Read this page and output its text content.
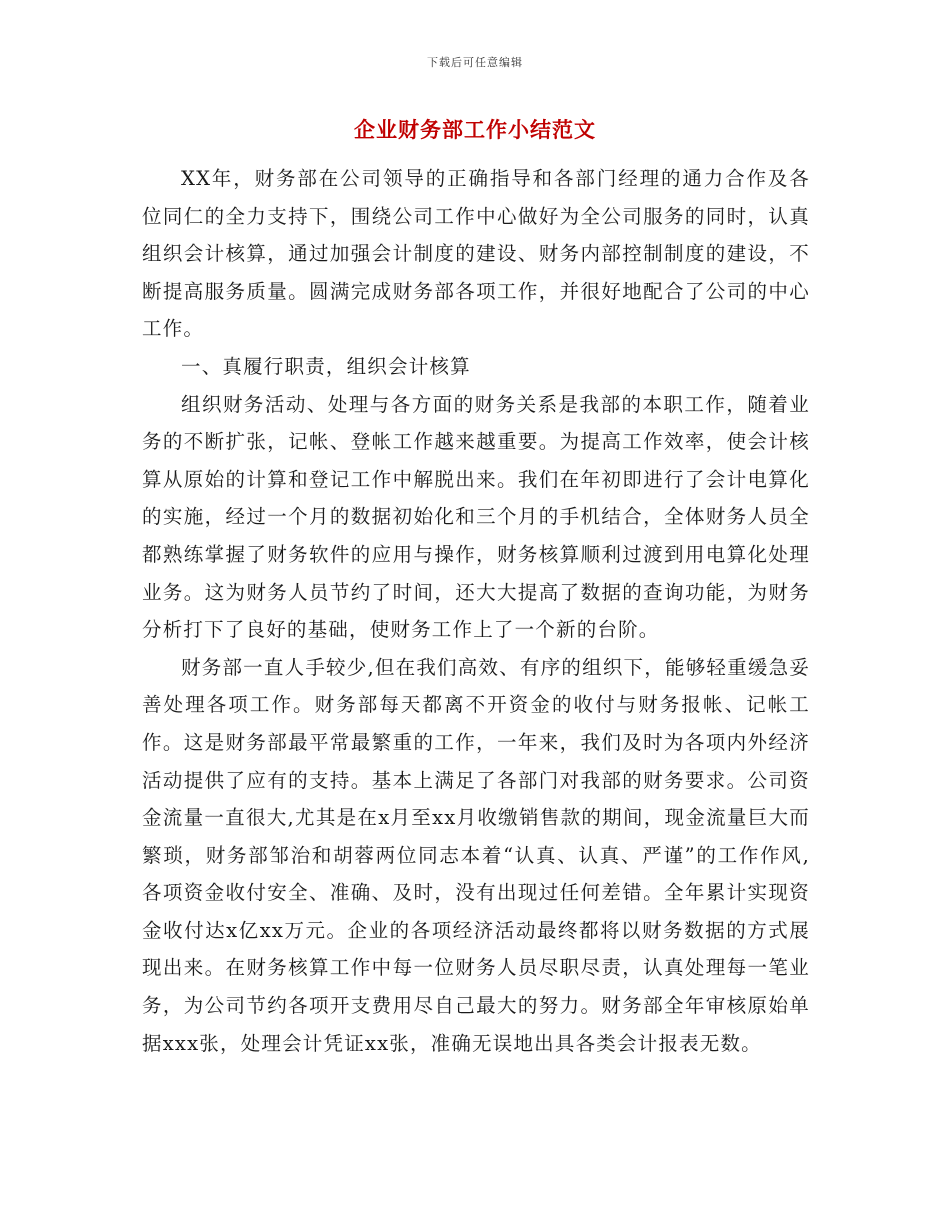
下载后可任意编辑
企业财务部工作小结范文

XX年，财务部在公司领导的正确指导和各部门经理的通力合作及各位同仁的全力支持下，围绕公司工作中心做好为全公司服务的同时，认真组织会计核算，通过加强会计制度的建设、财务内部控制制度的建设，不断提高服务质量。圆满完成财务部各项工作，并很好地配合了公司的中心工作。

一、真履行职责，组织会计核算

组织财务活动、处理与各方面的财务关系是我部的本职工作，随着业务的不断扩张，记帐、登帐工作越来越重要。为提高工作效率，使会计核算从原始的计算和登记工作中解脱出来。我们在年初即进行了会计电算化的实施，经过一个月的数据初始化和三个月的手机结合，全体财务人员全都熟练掌握了财务软件的应用与操作，财务核算顺利过渡到用电算化处理业务。这为财务人员节约了时间，还大大提高了数据的查询功能，为财务分析打下了良好的基础，使财务工作上了一个新的台阶。

财务部一直人手较少,但在我们高效、有序的组织下，能够轻重缓急妥善处理各项工作。财务部每天都离不开资金的收付与财务报帐、记帐工作。这是财务部最平常最繁重的工作，一年来，我们及时为各项内外经济活动提供了应有的支持。基本上满足了各部门对我部的财务要求。公司资金流量一直很大,尤其是在x月至xx月收缴销售款的期间，现金流量巨大而繁琐，财务部邹治和胡蓉两位同志本着“认真、认真、严谨”的工作作风,各项资金收付安全、准确、及时，没有出现过任何差错。全年累计实现资金收付达x亿xx万元。企业的各项经济活动最终都将以财务数据的方式展现出来。在财务核算工作中每一位财务人员尽职尽责，认真处理每一笔业务，为公司节约各项开支费用尽自己最大的努力。财务部全年审核原始单据xxx张，处理会计凭证xx张，准确无误地出具各类会计报表无数。
